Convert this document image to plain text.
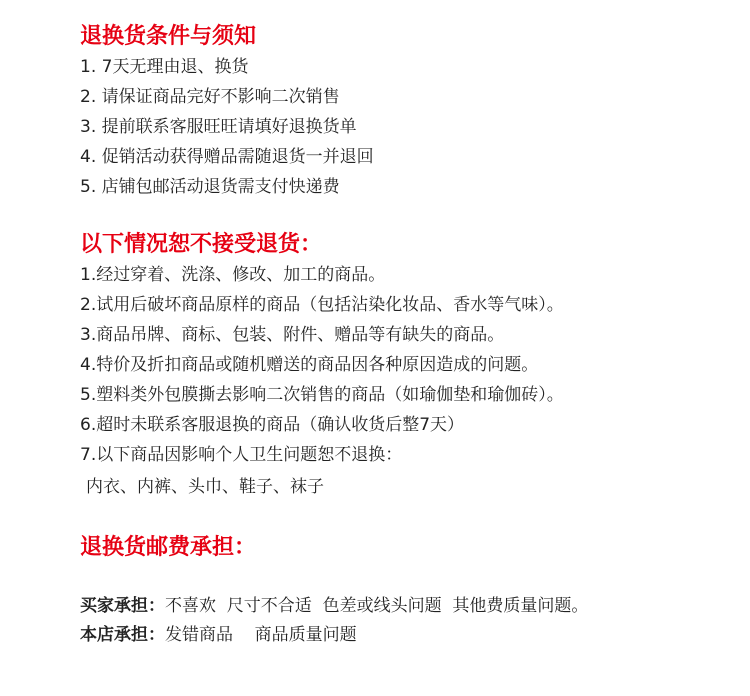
退换货条件与须知
1. 7天无理由退、换货
2. 请保证商品完好不影响二次销售
3. 提前联系客服旺旺请填好退换货单
4. 促销活动获得赠品需随退货一并退回
5. 店铺包邮活动退货需支付快递费
以下情况恕不接受退货：
1.经过穿着、洗涤、修改、加工的商品。
2.试用后破坏商品原样的商品（包括沾染化妆品、香水等气味）。
3.商品吊牌、商标、包装、附件、赠品等有缺失的商品。
4.特价及折扣商品或随机赠送的商品因各种原因造成的问题。
5.塑料类外包膜撕去影响二次销售的商品（如瑜伽垫和瑜伽砖）。
6.超时未联系客服退换的商品（确认收货后整7天）
7.以下商品因影响个人卫生问题恕不退换：
内衣、内裤、头巾、鞋子、袜子
退换货邮费承担：
买家承担：不喜欢  尺寸不合适  色差或线头问题  其他费质量问题。
本店承担：发错商品    商品质量问题
